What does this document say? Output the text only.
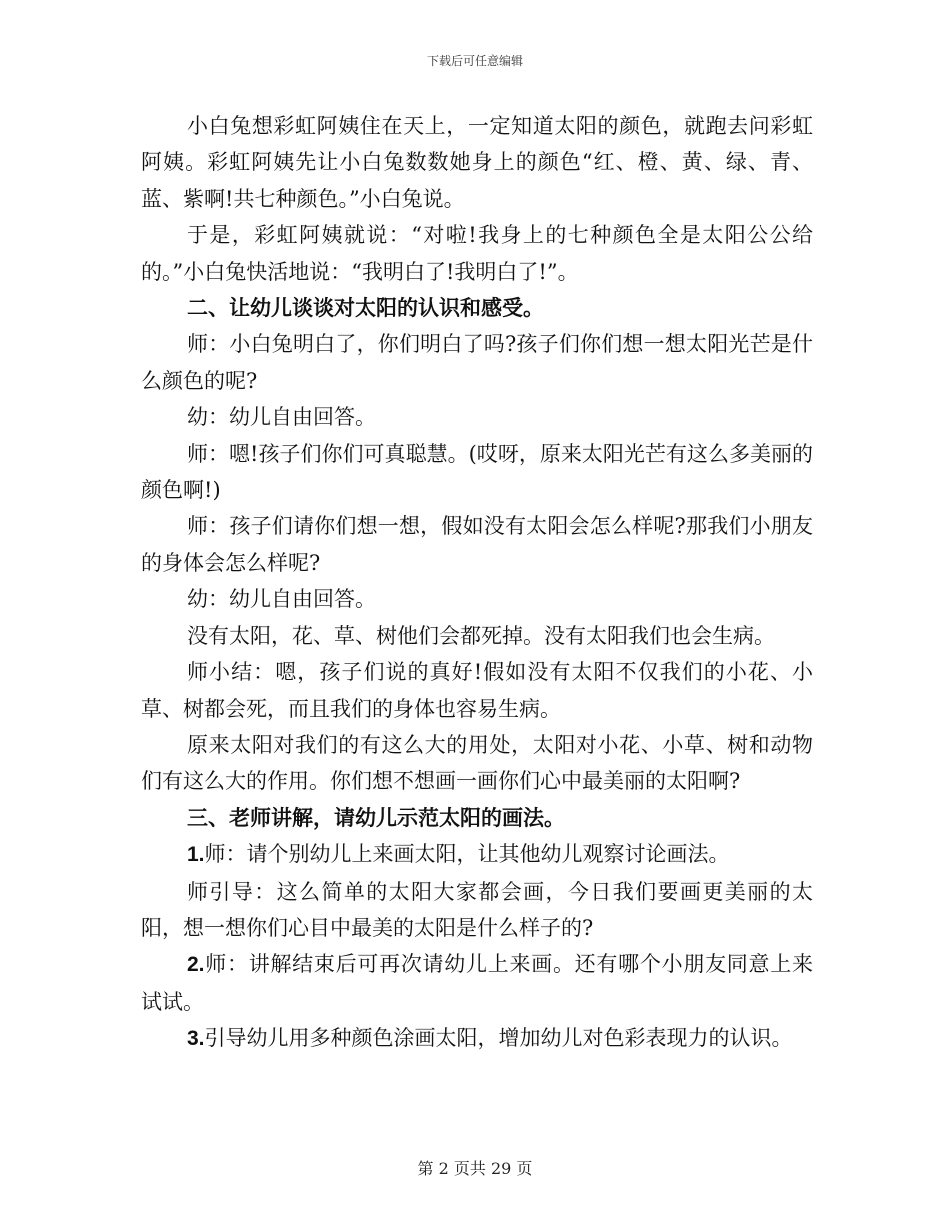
下载后可任意编辑

小白兔想彩虹阿姨住在天上，一定知道太阳的颜色，就跑去问彩虹阿姨。彩虹阿姨先让小白兔数数她身上的颜色“红、橙、黄、绿、青、蓝、紫啊!共七种颜色。”小白兔说。

于是，彩虹阿姨就说：“对啦!我身上的七种颜色全是太阳公公给的。”小白兔快活地说：“我明白了!我明白了!”。

二、让幼儿谈谈对太阳的认识和感受。

师：小白兔明白了，你们明白了吗?孩子们你们想一想太阳光芒是什么颜色的呢?

幼：幼儿自由回答。

师：嗯!孩子们你们可真聪慧。(哎呀，原来太阳光芒有这么多美丽的颜色啊!)

师：孩子们请你们想一想，假如没有太阳会怎么样呢?那我们小朋友的身体会怎么样呢?

幼：幼儿自由回答。

没有太阳，花、草、树他们会都死掉。没有太阳我们也会生病。

师小结：嗯，孩子们说的真好!假如没有太阳不仅我们的小花、小草、树都会死，而且我们的身体也容易生病。

原来太阳对我们的有这么大的用处，太阳对小花、小草、树和动物们有这么大的作用。你们想不想画一画你们心中最美丽的太阳啊?

三、老师讲解，请幼儿示范太阳的画法。

1.师：请个别幼儿上来画太阳，让其他幼儿观察讨论画法。

师引导：这么简单的太阳大家都会画，今日我们要画更美丽的太阳，想一想你们心目中最美的太阳是什么样子的?

2.师：讲解结束后可再次请幼儿上来画。还有哪个小朋友同意上来试试。

3.引导幼儿用多种颜色涂画太阳，增加幼儿对色彩表现力的认识。

第 2 页共 29 页
